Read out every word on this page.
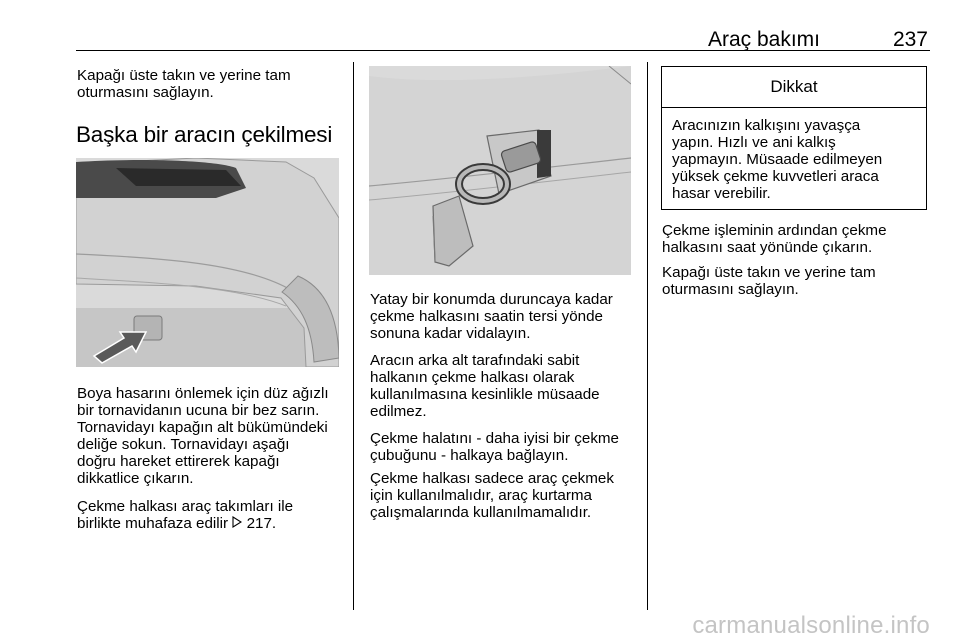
Araç bakımı	237

Kapağı üste takın ve yerine tam
oturmasını sağlayın.

Başka bir aracın çekilmesi

Boya hasarını önlemek için düz ağızlı
bir tornavidanın ucuna bir bez sarın.
Tornavidayı kapağın alt bükümündeki
deliğe sokun. Tornavidayı aşağı
doğru hareket ettirerek kapağı
dikkatlice çıkarın.

Çekme halkası araç takımları ile
birlikte muhafaza edilir 217.

Yatay bir konumda duruncaya kadar
çekme halkasını saatin tersi yönde
sonuna kadar vidalayın.

Aracın arka alt tarafındaki sabit
halkanın çekme halkası olarak
kullanılmasına kesinlikle müsaade
edilmez.

Çekme halatını - daha iyisi bir çekme
çubuğunu - halkaya bağlayın.

Çekme halkası sadece araç çekmek
için kullanılmalıdır, araç kurtarma
çalışmalarında kullanılmamalıdır.

Dikkat
Aracınızın kalkışını yavaşça
yapın. Hızlı ve ani kalkış
yapmayın. Müsaade edilmeyen
yüksek çekme kuvvetleri araca
hasar verebilir.

Çekme işleminin ardından çekme
halkasını saat yönünde çıkarın.

Kapağı üste takın ve yerine tam
oturmasını sağlayın.

carmanualsonline.info
